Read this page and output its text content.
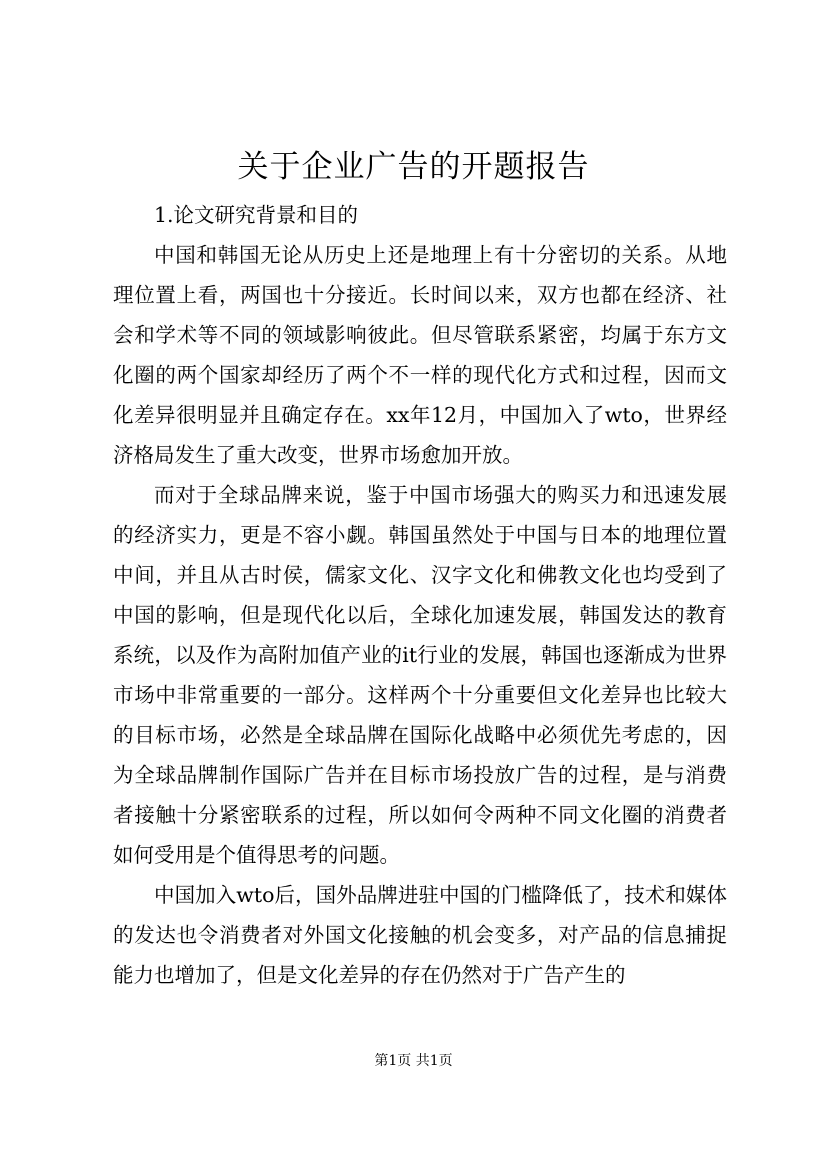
关于企业广告的开题报告

1.论文研究背景和目的

中国和韩国无论从历史上还是地理上有十分密切的关系。从地理位置上看，两国也十分接近。长时间以来，双方也都在经济、社会和学术等不同的领域影响彼此。但尽管联系紧密，均属于东方文化圈的两个国家却经历了两个不一样的现代化方式和过程，因而文化差异很明显并且确定存在。xx年12月，中国加入了wto，世界经济格局发生了重大改变，世界市场愈加开放。

而对于全球品牌来说，鉴于中国市场强大的购买力和迅速发展的经济实力，更是不容小觑。韩国虽然处于中国与日本的地理位置中间，并且从古时侯，儒家文化、汉字文化和佛教文化也均受到了中国的影响，但是现代化以后，全球化加速发展，韩国发达的教育系统，以及作为高附加值产业的it行业的发展，韩国也逐渐成为世界市场中非常重要的一部分。这样两个十分重要但文化差异也比较大的目标市场，必然是全球品牌在国际化战略中必须优先考虑的，因为全球品牌制作国际广告并在目标市场投放广告的过程，是与消费者接触十分紧密联系的过程，所以如何令两种不同文化圈的消费者如何受用是个值得思考的问题。

中国加入wto后，国外品牌进驻中国的门槛降低了，技术和媒体的发达也令消费者对外国文化接触的机会变多，对产品的信息捕捉能力也增加了，但是文化差异的存在仍然对于广告产生的

第1页 共1页
